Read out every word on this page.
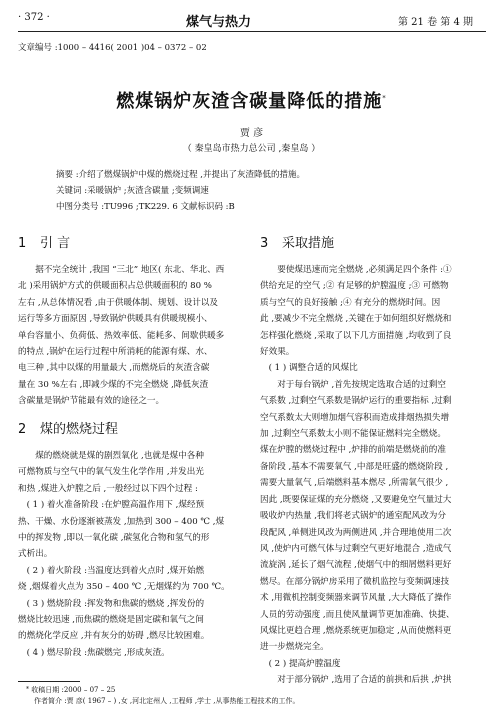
· 372 ·	煤气与热力	第 21 卷 第 4 期
文章编号 :1000 – 4416( 2001 )04 – 0372 – 02
燃煤锅炉灰渣含碳量降低的措施*
贾 彦
（ 秦皇岛市热力总公司 ,秦皇岛 ）
摘要 :介绍了燃煤锅炉中煤的燃烧过程 ,并提出了灰渣降低的措施。
关键词 :采暖锅炉 ;灰渣含碳量 ;变频调速
中图分类号 :TU996 ;TK229. 6 文献标识码 :B
1 引 言
据不完全统计 ,我国 “三北” 地区( 东北、华北、西
北 )采用锅炉方式的供暖面积占总供暖面积的 80 %
左右 ,从总体情况看 ,由于供暖体制、规划、设计以及
运行等多方面原因 ,导致锅炉供暖具有供暖规模小、
单台容量小、负荷低、热效率低、能耗多、间歇供暖多
的特点 ,锅炉在运行过程中所消耗的能源有煤、水、
电三种 ,其中以煤的用量最大 ,而燃烧后的灰渣含碳
量在 30 %左右 ,即减少煤的不完全燃烧 ,降低灰渣
含碳量是锅炉节能最有效的途径之一。
2 煤的燃烧过程
煤的燃烧就是煤的剧烈氧化 ,也就是煤中各种
可燃物质与空气中的氧气发生化学作用 ,并发出光
和热 ,煤进入炉膛之后 ,一般经过以下四个过程 :
( 1 ) 着火准备阶段 :在炉膛高温作用下 ,煤经预
热、干燥、水份逐渐被蒸发 ,加热到 300 – 400 ℃ ,煤
中的挥发物 ,即以一氧化碳 ,碳氢化合物和氢气的形
式析出。
( 2 ) 着火阶段 :当温度达到着火点时 ,煤开始燃
烧 ,烟煤着火点为 350 – 400 ℃ ,无烟煤约为 700 ℃。
( 3 ) 燃烧阶段 :挥发物和焦碳的燃烧 ,挥发份的
燃烧比较迅速 ,而焦碳的燃烧是固定碳和氧气之间
的燃烧化学反应 ,并有灰分的妨碍 ,燃尽比较困难。
( 4 ) 燃尽阶段 :焦碳燃完 ,形成灰渣。
3 采取措施
要使煤迅速而完全燃烧 ,必须满足四个条件 :①
供给充足的空气 ;② 有足够的炉膛温度 ;③ 可燃物
质与空气的良好接触 ;④ 有充分的燃烧时间。因
此 ,要减少不完全燃烧 ,关键在于如何组织好燃烧和
怎样强化燃烧 ,采取了以下几方面措施 ,均收到了良
好效果。
( 1 ) 调整合适的风煤比
对于每台锅炉 ,首先按规定选取合适的过剩空
气系数 ,过剩空气系数是锅炉运行的重要指标 ,过剩
空气系数太大则增加烟气容积而造成排烟热损失增
加 ,过剩空气系数太小则不能保证燃料完全燃烧。
煤在炉膛的燃烧过程中 ,炉排的前端是燃烧前的准
备阶段 ,基本不需要氧气 ,中部是旺盛的燃烧阶段 ,
需要大量氧气 ,后端燃料基本燃尽 ,所需氧气很少 ,
因此 ,既要保证煤的充分燃烧 ,又要避免空气量过大
吸收炉内热量 ,我们将老式锅炉的通室配风改为分
段配风 ,单侧进风改为两侧进风 ,并合理地使用二次
风 ,使炉内可燃气体与过剩空气更好地混合 ,造成气
流旋涡 ,延长了烟气流程 ,使烟气中的细屑燃料更好
燃尽。在部分锅炉房采用了微机监控与变频调速技
术 ,用微机控制变频器来调节风量 ,大大降低了操作
人员的劳动强度 ,而且使风量调节更加准确、快捷、
风煤比更趋合理 ,燃烧系统更加稳定 ,从而使燃料更
进一步燃烧完全。
( 2 ) 提高炉膛温度
对于部分锅炉 ,选用了合适的前拱和后拱 ,炉拱
* 收稿日期 :2000 – 07 – 25
作者简介 :贾 彦( 1967 – ) ,女 ,河北定州人 ,工程师 ,学士 ,从事热能工程技术的工作。
